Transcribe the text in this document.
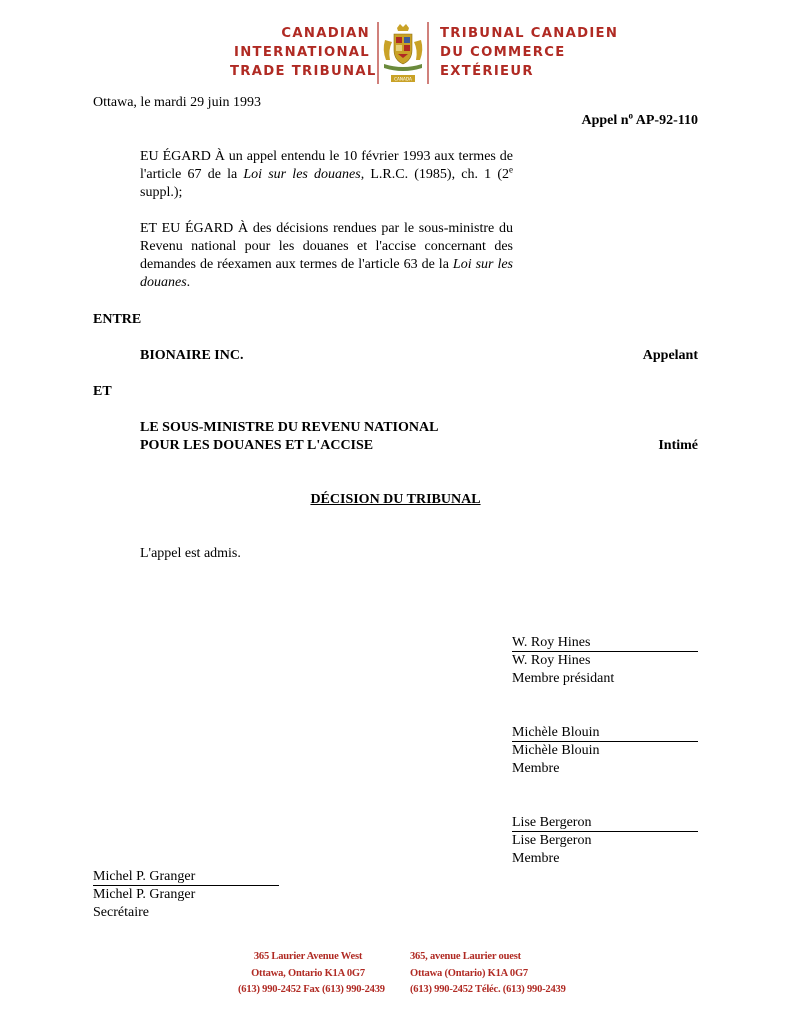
CANADIAN
INTERNATIONAL
TRADE TRIBUNAL
CANADA
TRIBUNAL CANADIEN
DU COMMERCE
EXTÉRIEUR
Ottawa, le mardi 29 juin 1993
Appel $n^o$ AP-92-110

EU ÉGARD À un appel entendu le 10 février 1993 aux termes de l'article 67 de la Loi sur les douanes, L.R.C. (1985), ch. 1 (2e suppl.);

ET EU ÉGARD À des décisions rendues par le sous-ministre du Revenu national pour les douanes et l'accise concernant des demandes de réexamen aux termes de l'article 63 de la Loi sur les douanes.

ENTRE
BIONAIRE INC.	Appelant
ET
LE SOUS-MINISTRE DU REVENU NATIONAL
POUR LES DOUANES ET L'ACCISE	Intimé
DÉCISION DU TRIBUNAL
L'appel est admis.
W. Roy Hines
W. Roy Hines
Membre présidant
Michèle Blouin
Michèle Blouin
Membre
Lise Bergeron
Lise Bergeron
Membre
Michel P. Granger
Michel P. Granger
Secrétaire
365 Laurier Avenue West
Ottawa, Ontario K1A 0G7
(613) 990-2452 Fax (613) 990-2439
365, avenue Laurier ouest
Ottawa (Ontario) K1A 0G7
(613) 990-2452 Téléc. (613) 990-2439
